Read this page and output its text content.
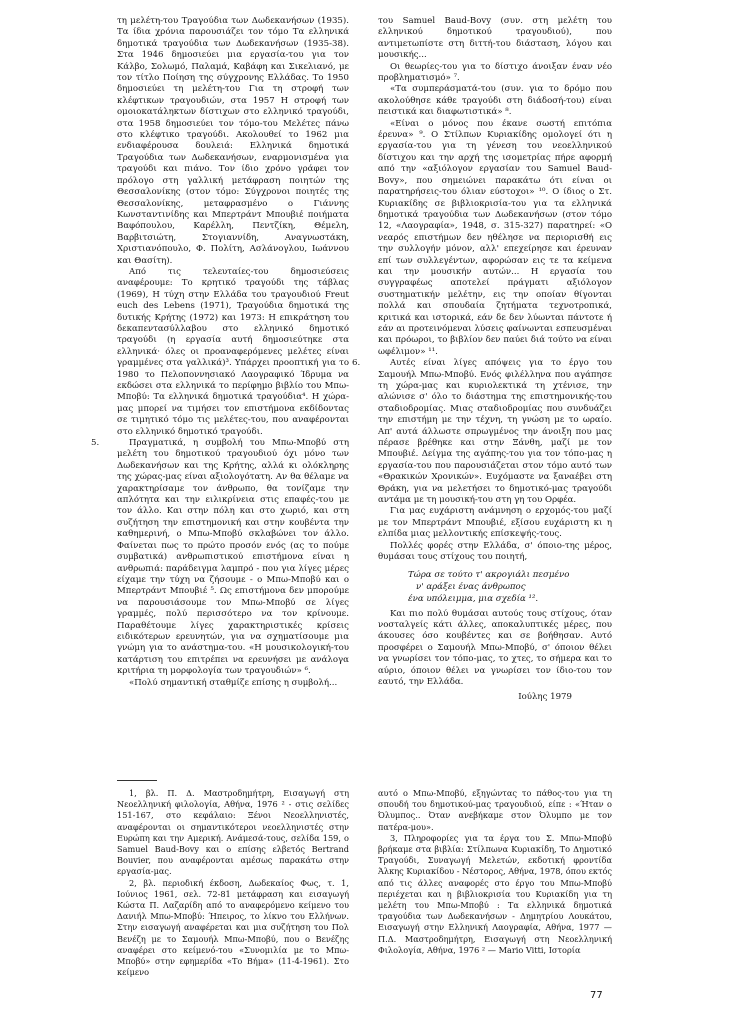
τη μελέτη-του Τραγούδια των Δωδεκανήσων (1935). Τα ίδια χρόνια παρουσιάζει τον τόμο Τα ελληνικά δημοτικά τραγούδια των Δωδεκανήσων (1935-38). Στα 1946 δημοσιεύει μια εργασία-του για τον Κάλβο, Σολωμό, Παλαμά, Καβάφη και Σικελιανό, με τον τίτλο Ποίηση της σύγχρονης Ελλάδας. Το 1950 δημοσιεύει τη μελέτη-του Για τη στροφή των κλέφτικων τραγουδιών, στα 1957 Η στροφή των ομοιοκατάληκτων δίστιχων στο ελληνικό τραγούδι, στα 1958 δημοσιεύει τον τόμο-του Μελέτες πάνω στο κλέφτικο τραγούδι. Ακολουθεί το 1962 μια ενδιαφέρουσα δουλειά: Ελληνικά δημοτικά Τραγούδια των Δωδεκανήσων, εναρμονισμένα για τραγούδι και πιάνο. Τον ίδιο χρόνο γράφει τον πρόλογο στη γαλλική μετάφραση ποιητών της Θεσσαλονίκης (στον τόμο: Σύγχρονοι ποιητές της Θεσσαλονίκης, μεταφρασμένο ο Γιάννης Κωνσταντινίδης και Μπερτράντ Μπουβιέ ποιήματα Βαφόπουλου, Καρέλλη, Πεντζίκη, Θέμελη, Βαρβιτσιώτη, Στογιαννίδη, Αναγνωστάκη, Χριστιανόπουλο, Φ. Πολίτη, Ασλάνογλου, Ιωάννου και Θασίτη).

Από τις τελευταίες-του δημοσιεύσεις αναφέρουμε: Το κρητικό τραγούδι της τάβλας (1969), Η τύχη στην Ελλάδα του τραγουδιού Freut euch des Lebens (1971), Τραγούδια δημοτικά της δυτικής Κρήτης (1972) και 1973: Η επικράτηση του δεκαπεντασύλλαβου στο ελληνικό δημοτικό τραγούδι (η εργασία αυτή δημοσιεύτηκε στα ελληνικά· όλες οι προαναφερόμενες μελέτες είναι γραμμένες στα γαλλικά)³. Υπάρχει προοπτική για το 1980 το Πελοποννησιακό Λαογραφικό Ίδρυμα να εκδώσει στα ελληνικά το περίφημο βιβλίο του Μπω-Μποβύ: Τα ελληνικά δημοτικά τραγούδια⁴. Η χώρα-μας μπορεί να τιμήσει τον επιστήμονα εκδίδοντας σε τιμητικό τόμο τις μελέτες-του, που αναφέρονται στο ελληνικό δημοτικό τραγούδι.

5.	Πραγματικά, η συμβολή του Μπω-Μποβύ στη μελέτη του δημοτικού τραγουδιού όχι μόνο των Δωδεκανήσων και της Κρήτης, αλλά κι ολόκληρης της χώρας-μας είναι αξιολογότατη. Αν θα θέλαμε να χαρακτηρίσαμε τον άνθρωπο, θα τονίζαμε την απλότητα και την ειλικρίνεια στις επαφές-του με τον άλλο. Και στην πόλη και στο χωριό, και στη συζήτηση την επιστημονική και στην κουβέντα την καθημερινή, ο Μπω-Μποβύ σκλαβώνει τον άλλο. Φαίνεται πως το πρώτο προσόν ενός (ας το πούμε συμβατικά) ανθρωπιστικού επιστήμονα είναι η ανθρωπιά: παράδειγμα λαμπρό - που για λίγες μέρες είχαμε την τύχη να ζήσουμε - ο Μπω-Μποβύ και ο Μπερτράντ Μπουβιέ ⁵. Ως επιστήμονα δεν μπορούμε να παρουσιάσουμε τον Μπω-Μποβύ σε λίγες γραμμές, πολύ περισσότερο να τον κρίνουμε. Παραθέτουμε λίγες χαρακτηριστικές κρίσεις ειδικότερων ερευνητών, για να σχηματίσουμε μια γνώμη για το ανάστημα-του. «Η μουσικολογική-του κατάρτιση του επιτρέπει να ερευνήσει με ανάλογα κριτήρια τη μορφολογία των τραγουδιών» ⁶.

«Πολύ σημαντική σταθμίζε επίσης η συμβολή...

του Samuel Baud-Bovy (συν. στη μελέτη του ελληνικού δημοτικού τραγουδιού), που αντιμετωπίστε στη διττή-του διάσταση, λόγου και μουσικής...

Οι θεωρίες-του για το δίστιχο άνοιξαν έναν νέο προβληματισμό» ⁷.

«Τα συμπεράσματά-του (συν. για το δρόμο που ακολούθησε κάθε τραγούδι στη διάδοσή-του) είναι πειστικά και διαφωτιστικά» ⁸.

«Είναι ο μόνος που έκανε σωστή επιτόπια έρευνα» ⁹. Ο Στίλπων Κυριακίδης ομολογεί ότι η εργασία-του για τη γένεση του νεοελληνικού δίστιχου και την αρχή της ισομετρίας πήρε αφορμή από την «αξιόλογον εργασίαν του Samuel Baud-Bovy», που σημειώνει παρακάτω ότι είναι οι παρατηρήσεις-του όλιαν εύστοχοι» ¹⁰. Ο ίδιος ο Στ. Κυριακίδης σε βιβλιοκρισία-του για τα ελληνικά δημοτικά τραγούδια των Δωδεκανήσων (στον τόμο 12, «Λαογραφία», 1948, σ. 315-327) παρατηρεί: «Ο νεαρός επιστήμων δεν ηθέλησε να περιορισθή εις την συλλογήν μόνον, αλλ' επεχείρησε και έρευναν επί των συλλεγέντων, αφορώσαν εις τε τα κείμενα και την μουσικήν αυτών... Η εργασία του συγγραφέως αποτελεί πράγματι αξιόλογον συστηματικήν μελέτην, εις την οποίαν θίγονται πολλά και σπουδαία ζητήματα τεχνοτροπικά, κριτικά και ιστορικά, εάν δε δεν λύωνται πάντοτε ή εάν αι προτεινόμεναι λύσεις φαίνωνται εσπευσμέναι και πρόωροι, το βιβλίον δεν παύει διά τούτο να είναι ωφέλιμον» ¹¹.

6.	Αυτές είναι λίγες απόψεις για το έργο του Σαμουήλ Μπω-Μποβύ. Ενός φιλέλληνα που αγάπησε τη χώρα-μας και κυριολεκτικά τη χτένισε, την αλώνισε σ' όλο το διάστημα της επιστημονικής-του σταδιοδρομίας. Μιας σταδιοδρομίας που συνδυάζει την επιστήμη με την τέχνη, τη γνώση με το ωραίο. Απ' αυτά άλλωστε σπρωγμένος την άνοιξη που μας πέρασε βρέθηκε και στην Ξάνθη, μαζί με τον Μπουβιέ. Δείγμα της αγάπης-του για τον τόπο-μας η εργασία-του που παρουσιάζεται στον τόμο αυτό των «Θρακικών Χρονικών». Ευχόμαστε να ξαναέβει στη Θράκη, για να μελετήσει το δημοτικό-μας τραγούδι αντάμα με τη μουσική-του στη γη του Ορφέα.

Για μας ευχάριστη ανάμνηση ο ερχομός-του μαζί με τον Μπερτράντ Μπουβιέ, εξίσου ευχάριστη κι η ελπίδα μιας μελλοντικής επίσκεψής-τους.

Πολλές φορές στην Ελλάδα, σ' όποιο-της μέρος, θυμάσαι τους στίχους του ποιητή,

Τώρα σε τούτο τ' ακρογιάλι πεσμένο
ν' αράξει ένας άνθρωπος
ένα υπόλειμμα, μια σχεδία ¹².

Και πιο πολύ θυμάσαι αυτούς τους στίχους, όταν νοσταλγείς κάτι άλλες, αποκαλυπτικές μέρες, που άκουσες όσο κουβέντες και σε βοήθησαν. Αυτό προσφέρει ο Σαμουήλ Μπω-Μποβύ, σ' όποιον θέλει να γνωρίσει τον τόπο-μας, το χτες, το σήμερα και το αύριο, όποιον θέλει να γνωρίσει τον ίδιο-του τον εαυτό, την Ελλάδα.

Ιούλης 1979

1, βλ. Π. Δ. Μαστροδημήτρη, Εισαγωγή στη Νεοελληνική φιλολογία, Αθήνα, 1976 ² - στις σελίδες 151-167, στο κεφάλαιο: Ξένοι Νεοελληνιστές, αναφέρονται οι σημαντικότεροι νεοελληνιστές στην Ευρώπη και την Αμερική. Ανάμεσά-τους, σελίδα 159, ο Samuel Baud-Bovy και ο επίσης ελβετός Bertrand Bouvier, που αναφέρονται αμέσως παρακάτω στην εργασία-μας.

2, βλ. περιοδική έκδοση, Δωδεκαίος Φως, τ. 1, Ιούνιος 1961, σελ. 72-81 μετάφραση και εισαγωγή Κώστα Π. Λαζαρίδη από το αναφερόμενο κείμενο του Δανιήλ Μπω-Μποβύ: Ήπειρος, το λίκνο του Ελλήνων. Στην εισαγωγή αναφέρεται και μια συζήτηση του Πολ Βενέζη με το Σαμουήλ Μπω-Μποβύ, που ο Βενέζης αναφέρει στο κείμενό-του «Συνομιλία με το Μπω-Μποβύ» στην εφημερίδα «Το Βήμα» (11-4-1961). Στο κείμενο

αυτό ο Μπω-Μποβύ, εξηγώντας το πάθος-του για τη σπουδή του δημοτικού-μας τραγουδιού, είπε : «Ήταν ο Όλυμπος.. Όταν ανεβήκαμε στον Όλυμπο με τον πατέρα-μου».

3, Πληροφορίες για τα έργα του Σ. Μπω-Μποβύ βρήκαμε στα βιβλία: Στίλπωνα Κυριακίδη, Το Δημοτικό Τραγούδι, Συναγωγή Μελετών, εκδοτική φροντίδα Άλκης Κυριακίδου - Νέστορος, Αθήνα, 1978, όπου εκτός από τις άλλες αναφορές στο έργο του Μπω-Μποβύ περιέχεται και η βιβλιοκρισία του Κυριακίδη για τη μελέτη του Μπω-Μποβύ : Τα ελληνικά δημοτικά τραγούδια των Δωδεκανήσων - Δημητρίου Λουκάτου, Εισαγωγή στην Ελληνική Λαογραφία, Αθήνα, 1977 — Π.Δ. Μαστροδημήτρη, Εισαγωγή στη Νεοελληνική Φιλολογία, Αθήνα, 1976 ² — Mario Vitti, Ιστορία

77
